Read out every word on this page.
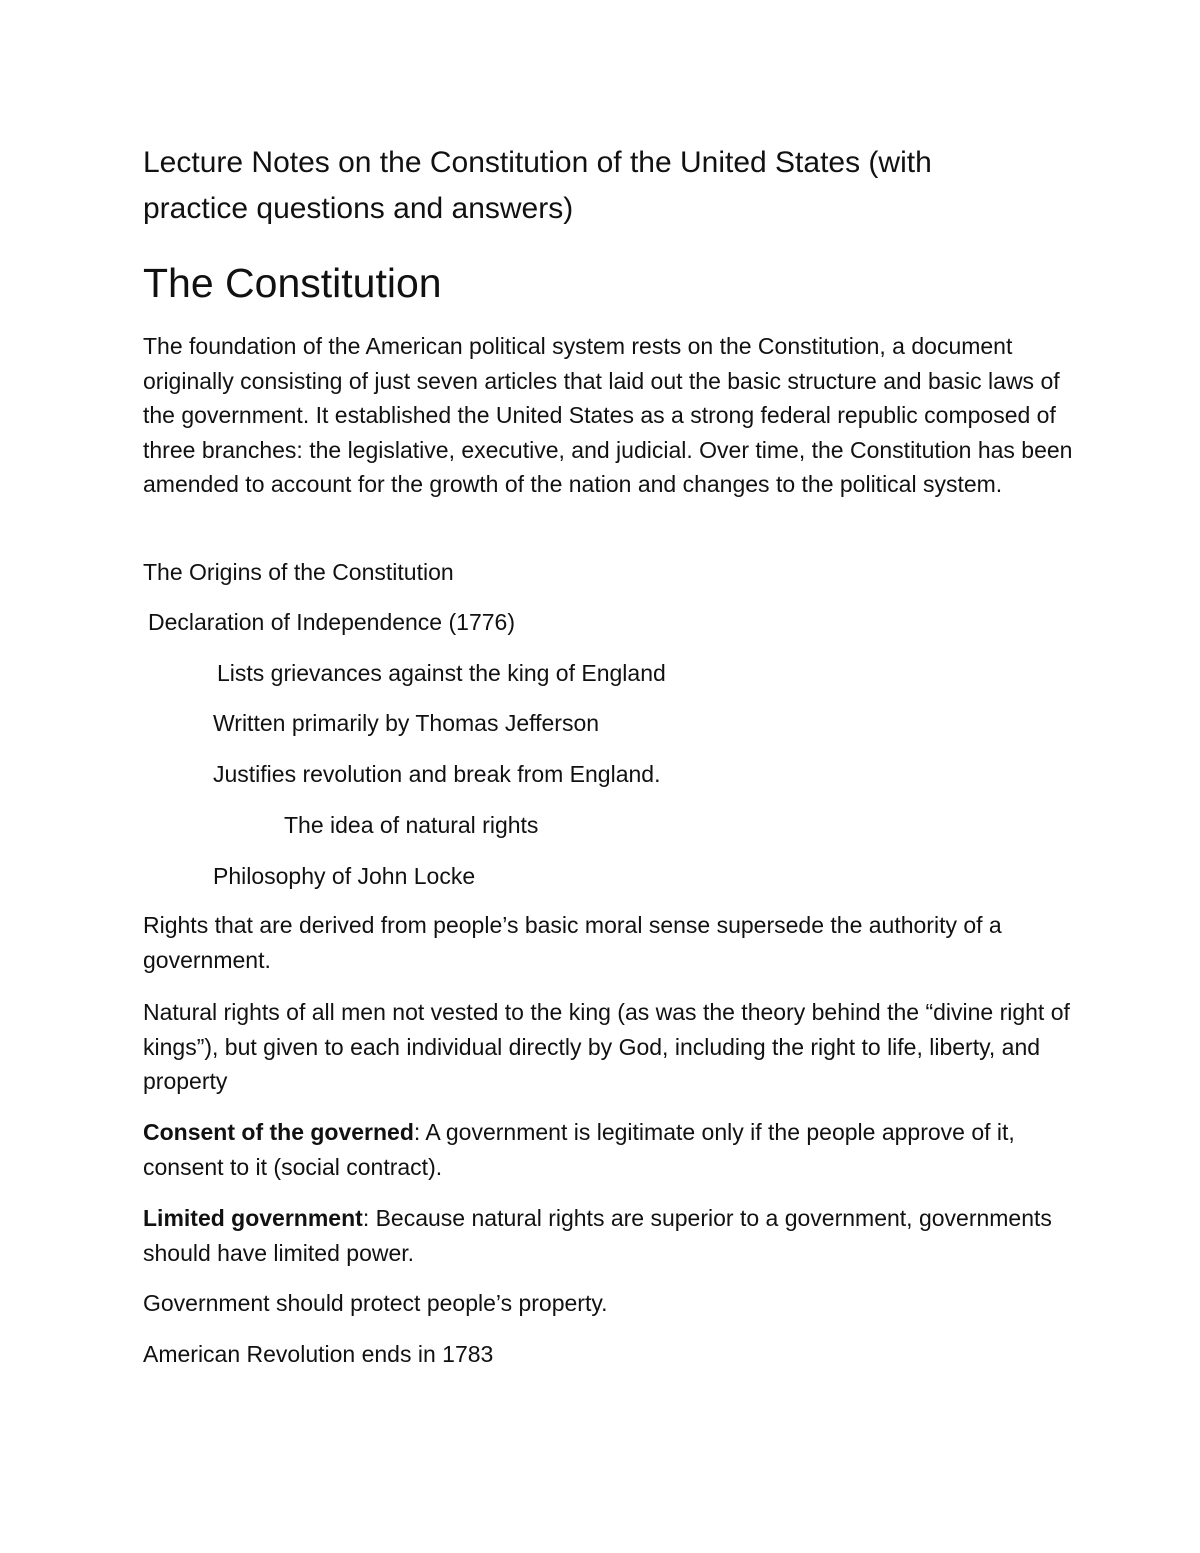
Lecture Notes on the Constitution of the United States (with practice questions and answers)

The Constitution

The foundation of the American political system rests on the Constitution, a document originally consisting of just seven articles that laid out the basic structure and basic laws of the government. It established the United States as a strong federal republic composed of three branches: the legislative, executive, and judicial. Over time, the Constitution has been amended to account for the growth of the nation and changes to the political system.

The Origins of the Constitution

Declaration of Independence (1776)

Lists grievances against the king of England

Written primarily by Thomas Jefferson

Justifies revolution and break from England.

The idea of natural rights

Philosophy of John Locke

Rights that are derived from people’s basic moral sense supersede the authority of a government.

Natural rights of all men not vested to the king (as was the theory behind the “divine right of kings”), but given to each individual directly by God, including the right to life, liberty, and property

Consent of the governed: A government is legitimate only if the people approve of it, consent to it (social contract).

Limited government: Because natural rights are superior to a government, governments should have limited power.

Government should protect people’s property.

American Revolution ends in 1783
